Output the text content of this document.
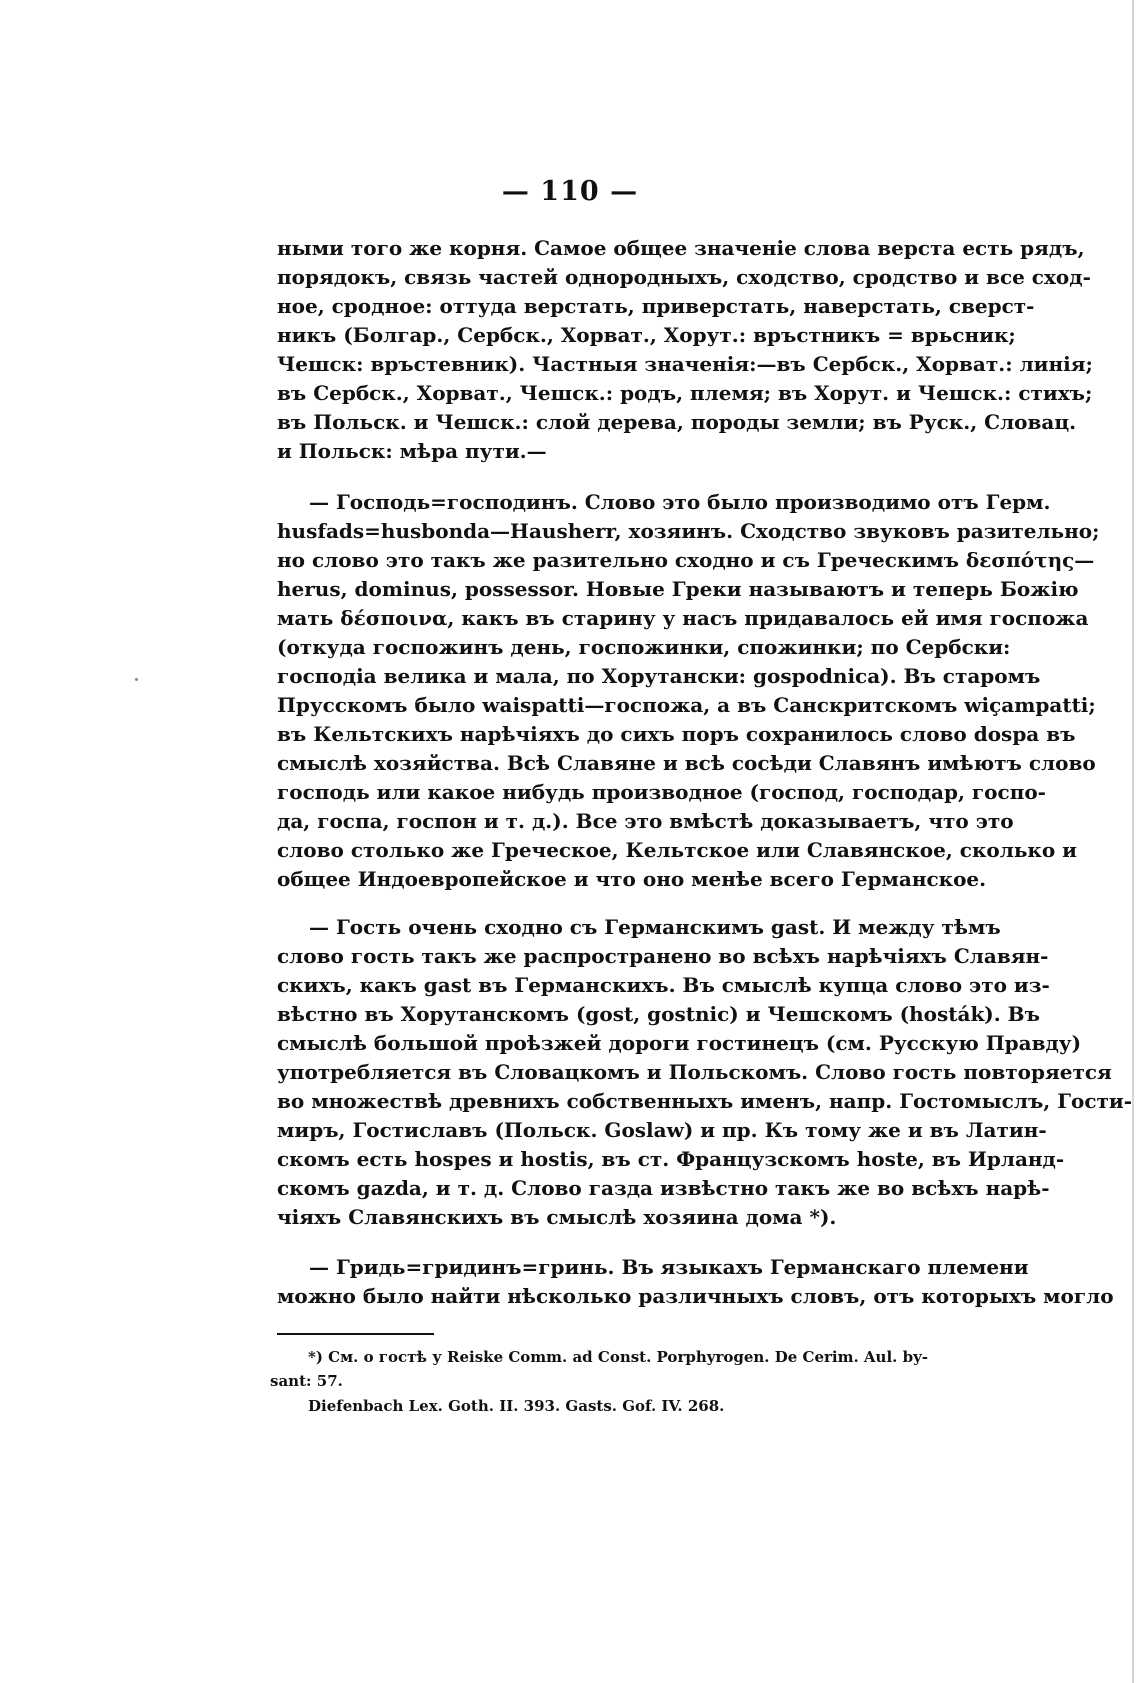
— 110 —
ными того же корня. Самое общее значеніе слова верста есть рядъ,
порядокъ, связь частей однородныхъ, сходство, сродство и все сход-
ное, сродное: оттуда верстать, приверстать, наверстать, сверст-
никъ (Болгар., Сербск., Хорват., Хорут.: връстникъ = врьсник;
Чешск: връстевник). Частныя значенія:—въ Сербск., Хорват.: линія;
въ Сербск., Хорват., Чешск.: родъ, племя; въ Хорут. и Чешск.: стихъ;
въ Польск. и Чешск.: слой дерева, породы земли; въ Руск., Словац.
и Польск: мѣра пути.—
— Господь=господинъ. Слово это было производимо отъ Герм.
husfads=husbonda—Hausherr, хозяинъ. Сходство звуковъ разительно;
но слово это такъ же разительно сходно и съ Греческимъ δεσπότης—
herus, dominus, possessor. Новые Греки называютъ и теперь Божію
мать δέσποινα, какъ въ старину у насъ придавалось ей имя госпожа
(откуда госпожинъ день, госпожинки, спожинки; по Сербски:
господіа велика и мала, по Хорутански: gospodnica). Въ старомъ
Прусскомъ было waispatti—госпожа, а въ Санскритскомъ wiçampatti;
въ Кельтскихъ нарѣчіяхъ до сихъ поръ сохранилось слово dospa въ
смыслѣ хозяйства. Всѣ Славяне и всѣ сосѣди Славянъ имѣютъ слово
господь или какое нибудь производное (господ, господар, госпо-
да, госпа, госпон и т. д.). Все это вмѣстѣ доказываетъ, что это
слово столько же Греческое, Кельтское или Славянское, сколько и
общее Индоевропейское и что оно менѣе всего Германское.
— Гость очень сходно съ Германскимъ gast. И между тѣмъ
слово гость такъ же распространено во всѣхъ нарѣчіяхъ Славян-
скихъ, какъ gast въ Германскихъ. Въ смыслѣ купца слово это из-
вѣстно въ Хорутанскомъ (gost, gostnic) и Чешскомъ (hosták). Въ
смыслѣ большой проѣзжей дороги гостинецъ (см. Русскую Правду)
употребляется въ Словацкомъ и Польскомъ. Слово гость повторяется
во множествѣ древнихъ собственныхъ именъ, напр. Гостомыслъ, Гости-
миръ, Гостиславъ (Польск. Goslaw) и пр. Къ тому же и въ Латин-
скомъ есть hospes и hostis, въ ст. Французскомъ hoste, въ Ирланд-
скомъ gazda, и т. д. Слово газда извѣстно такъ же во всѣхъ нарѣ-
чіяхъ Славянскихъ въ смыслѣ хозяина дома *).
— Гридь=гридинъ=гринь. Въ языкахъ Германскаго племени
можно было найти нѣсколько различныхъ словъ, отъ которыхъ могло
*) См. о гостѣ у Reiske Comm. ad Const. Porphyrogen. De Cerim. Aul. by-
sant: 57.
Diefenbach Lex. Goth. II. 393. Gasts. Gof. IV. 268.
